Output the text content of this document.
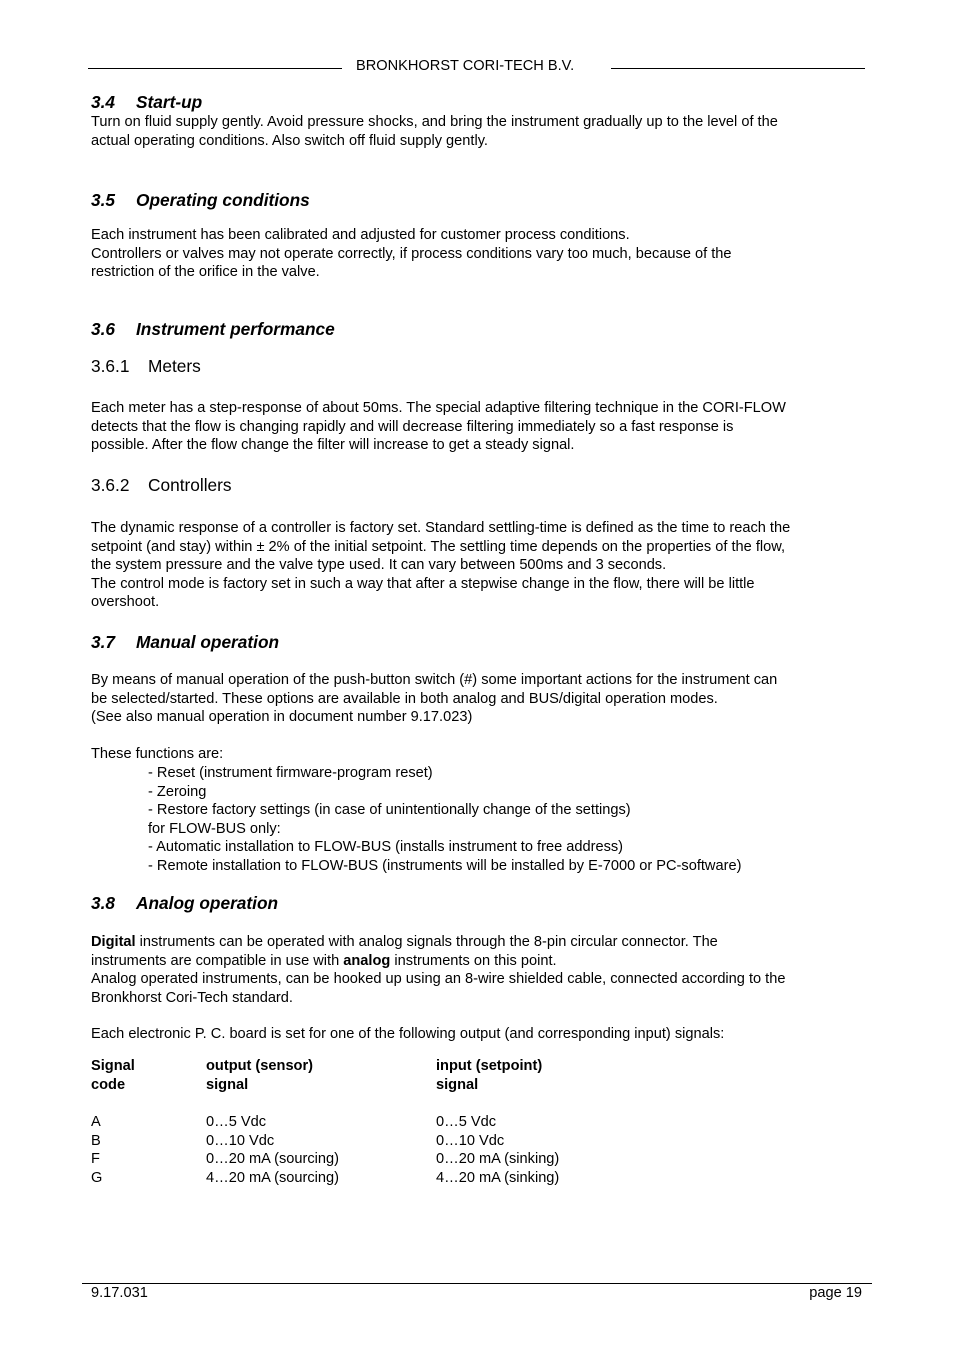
BRONKHORST CORI-TECH B.V.
3.4 Start-up
Turn on fluid supply gently. Avoid pressure shocks, and bring the instrument gradually up to the level of the
actual operating conditions. Also switch off fluid supply gently.
3.5 Operating conditions
Each instrument has been calibrated and adjusted for customer process conditions.
Controllers or valves may not operate correctly, if process conditions vary too much, because of the
restriction of the orifice in the valve.
3.6 Instrument performance
3.6.1 Meters
Each meter has a step-response of about 50ms. The special adaptive filtering technique in the CORI-FLOW
detects that the flow is changing rapidly and will decrease filtering immediately so a fast response is
possible. After the flow change the filter will increase to get a steady signal.
3.6.2 Controllers
The dynamic response of a controller is factory set. Standard settling-time is defined as the time to reach the
setpoint (and stay) within ± 2% of the initial setpoint. The settling time depends on the properties of the flow,
the system pressure and the valve type used. It can vary between 500ms and 3 seconds.
The control mode is factory set in such a way that after a stepwise change in the flow, there will be little
overshoot.
3.7 Manual operation
By means of manual operation of the push-button switch (#) some important actions for the instrument can
be selected/started. These options are available in both analog and BUS/digital operation modes.
(See also manual operation in document number 9.17.023)
These functions are:
- Reset (instrument firmware-program reset)
- Zeroing
- Restore factory settings (in case of unintentionally change of the settings)
for FLOW-BUS only:
- Automatic installation to FLOW-BUS (installs instrument to free address)
- Remote installation to FLOW-BUS (instruments will be installed by E-7000 or PC-software)
3.8 Analog operation
Digital instruments can be operated with analog signals through the 8-pin circular connector. The
instruments are compatible in use with analog instruments on this point.
Analog operated instruments, can be hooked up using an 8-wire shielded cable, connected according to the
Bronkhorst Cori-Tech standard.
Each electronic P. C. board is set for one of the following output (and corresponding input) signals:
Signal
code
output (sensor)
signal
input (setpoint)
signal
A
B
F
G
0…5 Vdc
0…10 Vdc
0…20 mA (sourcing)
4…20 mA (sourcing)
0…5 Vdc
0…10 Vdc
0…20 mA (sinking)
4…20 mA (sinking)
9.17.031	page 19
